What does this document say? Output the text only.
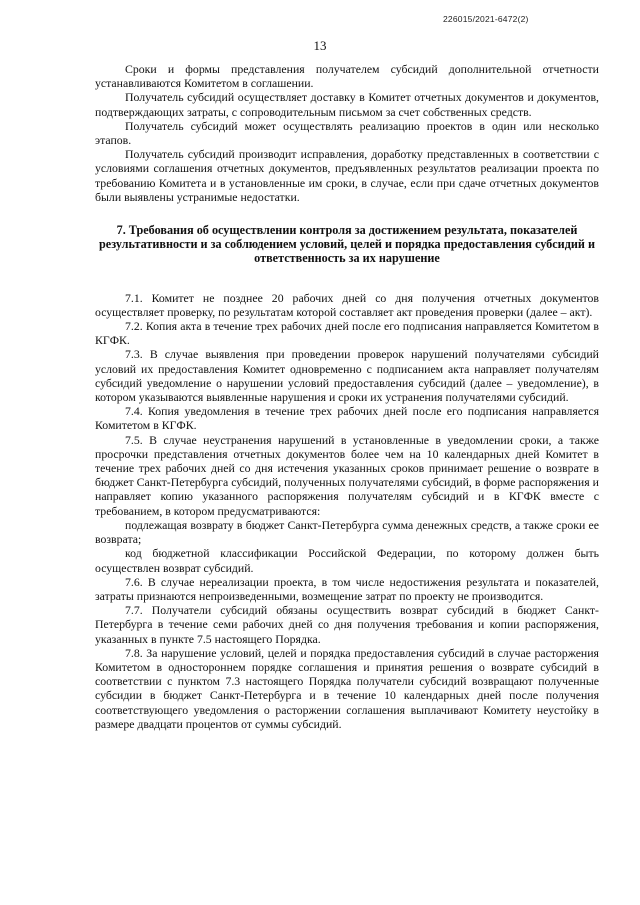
226015/2021-6472(2)
13

Сроки и формы представления получателем субсидий дополнительной отчетности устанавливаются Комитетом в соглашении.

Получатель субсидий осуществляет доставку в Комитет отчетных документов и документов, подтверждающих затраты, с сопроводительным письмом за счет собственных средств.

Получатель субсидий может осуществлять реализацию проектов в один или несколько этапов.

Получатель субсидий производит исправления, доработку представленных в соответствии с условиями соглашения отчетных документов, предъявленных результатов реализации проекта по требованию Комитета и в установленные им сроки, в случае, если при сдаче отчетных документов были выявлены устранимые недостатки.

7. Требования об осуществлении контроля за достижением результата, показателей результативности и за соблюдением условий, целей и порядка предоставления субсидий и ответственность за их нарушение

7.1. Комитет не позднее 20 рабочих дней со дня получения отчетных документов осуществляет проверку, по результатам которой составляет акт проведения проверки (далее – акт).

7.2. Копия акта в течение трех рабочих дней после его подписания направляется Комитетом в КГФК.

7.3. В случае выявления при проведении проверок нарушений получателями субсидий условий их предоставления Комитет одновременно с подписанием акта направляет получателям субсидий уведомление о нарушении условий предоставления субсидий (далее – уведомление), в котором указываются выявленные нарушения и сроки их устранения получателями субсидий.

7.4. Копия уведомления в течение трех рабочих дней после его подписания направляется Комитетом в КГФК.

7.5. В случае неустранения нарушений в установленные в уведомлении сроки, а также просрочки представления отчетных документов более чем на 10 календарных дней Комитет в течение трех рабочих дней со дня истечения указанных сроков принимает решение о возврате в бюджет Санкт-Петербурга субсидий, полученных получателями субсидий, в форме распоряжения и направляет копию указанного распоряжения получателям субсидий и в КГФК вместе с требованием, в котором предусматриваются:

подлежащая возврату в бюджет Санкт-Петербурга сумма денежных средств, а также сроки ее возврата;

код бюджетной классификации Российской Федерации, по которому должен быть осуществлен возврат субсидий.

7.6. В случае нереализации проекта, в том числе недостижения результата и показателей, затраты признаются непроизведенными, возмещение затрат по проекту не производится.

7.7. Получатели субсидий обязаны осуществить возврат субсидий в бюджет Санкт-Петербурга в течение семи рабочих дней со дня получения требования и копии распоряжения, указанных в пункте 7.5 настоящего Порядка.

7.8. За нарушение условий, целей и порядка предоставления субсидий в случае расторжения Комитетом в одностороннем порядке соглашения и принятия решения о возврате субсидий в соответствии с пунктом 7.3 настоящего Порядка получатели субсидий возвращают полученные субсидии в бюджет Санкт-Петербурга и в течение 10 календарных дней после получения соответствующего уведомления о расторжении соглашения выплачивают Комитету неустойку в размере двадцати процентов от суммы субсидий.
